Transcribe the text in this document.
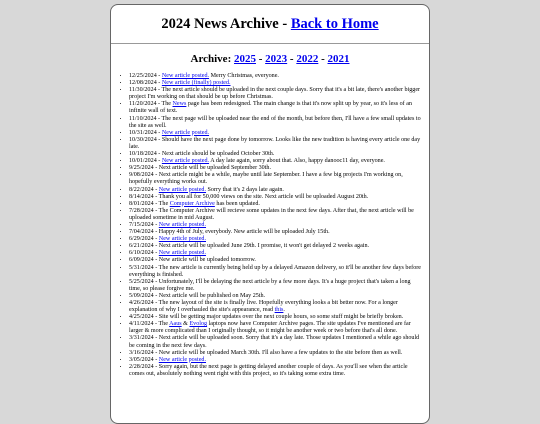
2024 News Archive - Back to Home
Archive: 2025 - 2023 - 2022 - 2021
• 12/25/2024 - New article posted. Merry Christmas, everyone.
• 12/08/2024 - New article (finally) posted.
• 11/30/2024 - The next article should be uploaded in the next couple days. Sorry that it's a bit late, there's another bigger project I'm working on that should be up before Christmas.
• 11/20/2024 - The News page has been redesigned. The main change is that it's now split up by year, so it's less of an infinite wall of text.
• 11/10/2024 - The next page will be uploaded near the end of the month, but before then, I'll have a few small updates to the site as well.
• 10/31/2024 - New article posted.
• 10/30/2024 - Should have the next page done by tomorrow. Looks like the new tradition is having every article one day late.
• 10/18/2024 - Next article should be uploaded October 30th.
• 10/01/2024 - New article posted. A day late again, sorry about that. Also, happy danooc11 day, everyone.
• 9/25/2024 - Next article will be uploaded September 30th.
• 9/08/2024 - Next article might be a while, maybe until late September. I have a few big projects I'm working on, hopefully everything works out.
• 8/22/2024 - New article posted. Sorry that it's 2 days late again.
• 8/14/2024 - Thank you all for 50,000 views on the site. Next article will be uploaded August 20th.
• 8/01/2024 - The Computer Archive has been updated.
• 7/28/2024 - The Computer Archive will recieve some updates in the next few days. After that, the next article will be uploaded sometime in mid August.
• 7/15/2024 - New article posted.
• 7/04/2024 - Happy 4th of July, everybody. New article will be uploaded July 15th.
• 6/29/2024 - New article posted.
• 6/21/2024 - Next article will be uploaded June 29th. I promise, it won't get delayed 2 weeks again.
• 6/10/2024 - New article posted.
• 6/09/2024 - New article will be uploaded tomorrow.
• 5/31/2024 - The new article is currently being held up by a delayed Amazon delivery, so it'll be another few days before everything is finished.
• 5/25/2024 - Unfortunately, I'll be delaying the next article by a few more days. It's a huge project that's taken a long time, so please forgive me.
• 5/09/2024 - Next article will be published on May 25th.
• 4/26/2024 - The new layout of the site is finally live. Hopefully everything looks a bit better now. For a longer explanation of why I overhauled the site's appearance, read this.
• 4/25/2024 - Site will be getting major updates over the next couple hours, so some stuff might be briefly broken.
• 4/11/2024 - The Aaus & Evolog laptops now have Computer Archive pages. The site updates I've mentioned are far larger & more complicated than I originally thought, so it might be another week or two before that's all done.
• 3/31/2024 - Next article will be uploaded soon. Sorry that it's a day late. Those updates I mentioned a while ago should be coming in the next few days.
• 3/16/2024 - New article will be uploaded March 30th. I'll also have a few updates to the site before then as well.
• 3/05/2024 - New article posted.
• 2/28/2024 - Sorry again, but the next page is getting delayed another couple of days. As you'll see when the article comes out, absolutely nothing went right with this project, so it's taking some extra time.
